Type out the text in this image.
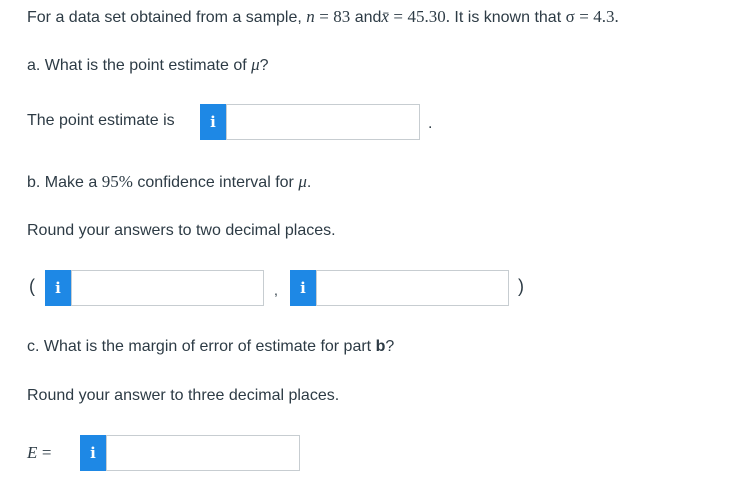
For a data set obtained from a sample, n = 83 andx̄ = 45.30. It is known that σ = 4.3.
a. What is the point estimate of μ?
The point estimate is	i	.
b. Make a 95% confidence interval for μ.
Round your answers to two decimal places.
(	i	,	i	)
c. What is the margin of error of estimate for part b?
Round your answer to three decimal places.
E =	i
